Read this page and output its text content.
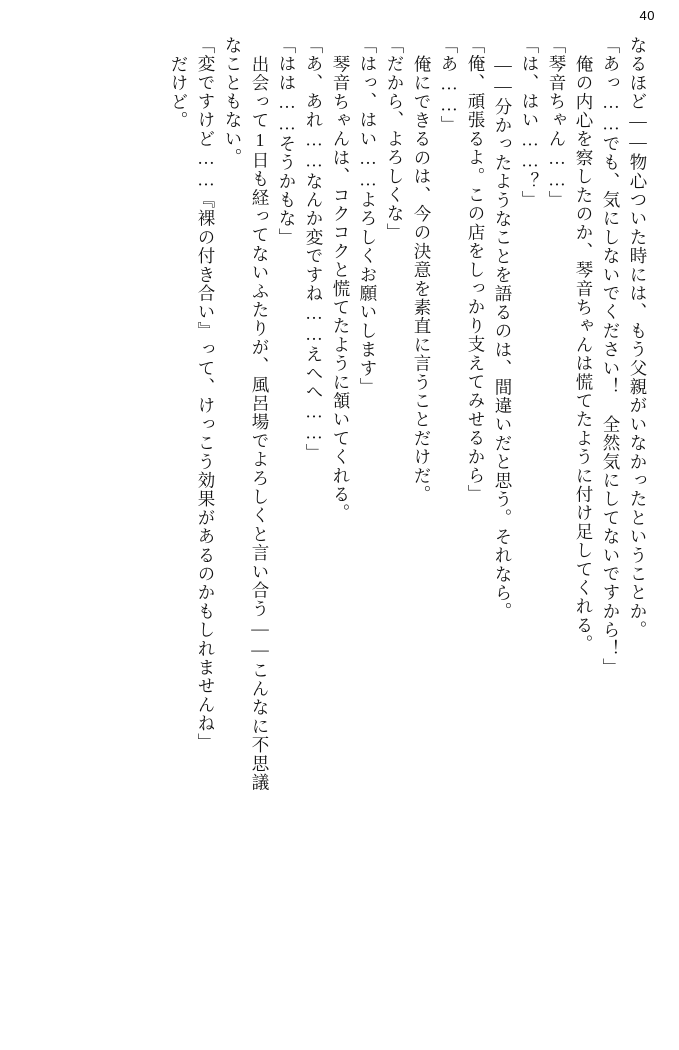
40
なるほど――物心ついた時には、もう父親がいなかったということか。
「あっ……でも、気にしないでください！　全然気にしてないですから！」
俺の内心を察したのか、琴音ちゃんは慌てたように付け足してくれる。
「琴音ちゃん……」
「は、はい……？」
――分かったようなことを語るのは、間違いだと思う。それなら。
「俺、頑張るよ。この店をしっかり支えてみせるから」
「あ……」
俺にできるのは、今の決意を素直に言うことだけだ。
「だから、よろしくな」
「はっ、はい……よろしくお願いします」
琴音ちゃんは、コクコクと慌てたように頷いてくれる。
「あ、あれ……なんか変ですね……えへへ……」
「はは……そうかもな」
出会って1日も経ってないふたりが、風呂場でよろしくと言い合う――こんなに不思議
なこともない。
「変ですけど……『裸の付き合い』って、けっこう効果があるのかもしれませんね」
だけど。
